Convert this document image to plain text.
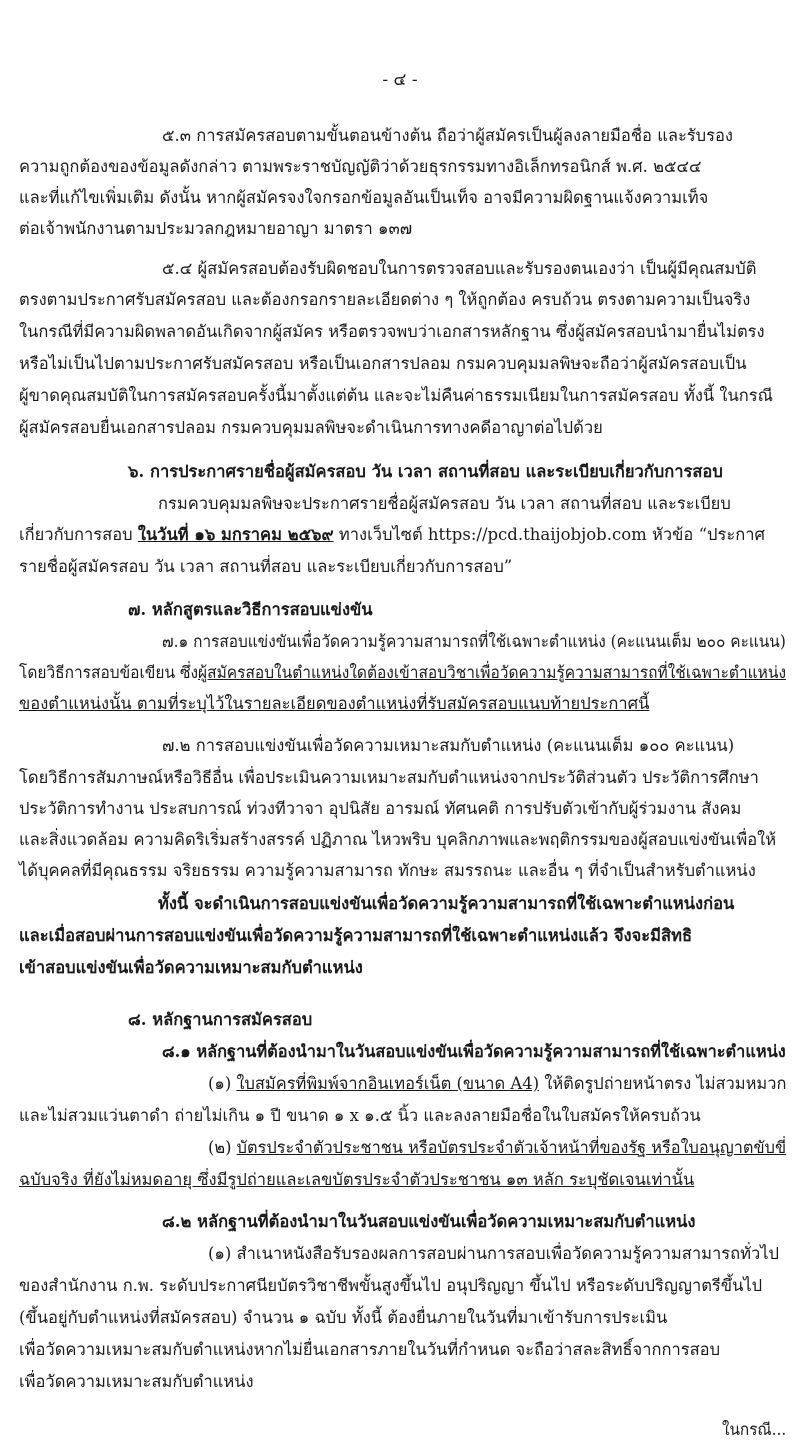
- ๔ -
๕.๓ การสมัครสอบตามขั้นตอนข้างต้น ถือว่าผู้สมัครเป็นผู้ลงลายมือชื่อ และรับรอง
ความถูกต้องของข้อมูลดังกล่าว ตามพระราชบัญญัติว่าด้วยธุรกรรมทางอิเล็กทรอนิกส์ พ.ศ. ๒๕๔๔
และที่แก้ไขเพิ่มเติม ดังนั้น หากผู้สมัครจงใจกรอกข้อมูลอันเป็นเท็จ อาจมีความผิดฐานแจ้งความเท็จ
ต่อเจ้าพนักงานตามประมวลกฎหมายอาญา มาตรา ๑๓๗
๕.๔ ผู้สมัครสอบต้องรับผิดชอบในการตรวจสอบและรับรองตนเองว่า เป็นผู้มีคุณสมบัติ
ตรงตามประกาศรับสมัครสอบ และต้องกรอกรายละเอียดต่าง ๆ ให้ถูกต้อง ครบถ้วน ตรงตามความเป็นจริง
ในกรณีที่มีความผิดพลาดอันเกิดจากผู้สมัคร หรือตรวจพบว่าเอกสารหลักฐาน ซึ่งผู้สมัครสอบนำมายื่นไม่ตรง
หรือไม่เป็นไปตามประกาศรับสมัครสอบ หรือเป็นเอกสารปลอม กรมควบคุมมลพิษจะถือว่าผู้สมัครสอบเป็น
ผู้ขาดคุณสมบัติในการสมัครสอบครั้งนี้มาตั้งแต่ต้น และจะไม่คืนค่าธรรมเนียมในการสมัครสอบ ทั้งนี้ ในกรณี
ผู้สมัครสอบยื่นเอกสารปลอม กรมควบคุมมลพิษจะดำเนินการทางคดีอาญาต่อไปด้วย
๖. การประกาศรายชื่อผู้สมัครสอบ วัน เวลา สถานที่สอบ และระเบียบเกี่ยวกับการสอบ
กรมควบคุมมลพิษจะประกาศรายชื่อผู้สมัครสอบ วัน เวลา สถานที่สอบ และระเบียบ
เกี่ยวกับการสอบ ในวันที่ ๑๖ มกราคม ๒๕๖๙ ทางเว็บไซต์ https://pcd.thaijobjob.com หัวข้อ “ประกาศ
รายชื่อผู้สมัครสอบ วัน เวลา สถานที่สอบ และระเบียบเกี่ยวกับการสอบ”
๗. หลักสูตรและวิธีการสอบแข่งขัน
๗.๑ การสอบแข่งขันเพื่อวัดความรู้ความสามารถที่ใช้เฉพาะตำแหน่ง (คะแนนเต็ม ๒๐๐ คะแนน)
โดยวิธีการสอบข้อเขียน ซึ่งผู้สมัครสอบในตำแหน่งใดต้องเข้าสอบวิชาเพื่อวัดความรู้ความสามารถที่ใช้เฉพาะตำแหน่ง
ของตำแหน่งนั้น ตามที่ระบุไว้ในรายละเอียดของตำแหน่งที่รับสมัครสอบแนบท้ายประกาศนี้
๗.๒ การสอบแข่งขันเพื่อวัดความเหมาะสมกับตำแหน่ง (คะแนนเต็ม ๑๐๐ คะแนน)
โดยวิธีการสัมภาษณ์หรือวิธีอื่น เพื่อประเมินความเหมาะสมกับตำแหน่งจากประวัติส่วนตัว ประวัติการศึกษา
ประวัติการทำงาน ประสบการณ์ ท่วงทีวาจา อุปนิสัย อารมณ์ ทัศนคติ การปรับตัวเข้ากับผู้ร่วมงาน สังคม
และสิ่งแวดล้อม ความคิดริเริ่มสร้างสรรค์ ปฏิภาณ ไหวพริบ บุคลิกภาพและพฤติกรรมของผู้สอบแข่งขันเพื่อให้
ได้บุคคลที่มีคุณธรรม จริยธรรม ความรู้ความสามารถ ทักษะ สมรรถนะ และอื่น ๆ ที่จำเป็นสำหรับตำแหน่ง
ทั้งนี้ จะดำเนินการสอบแข่งขันเพื่อวัดความรู้ความสามารถที่ใช้เฉพาะตำแหน่งก่อน
และเมื่อสอบผ่านการสอบแข่งขันเพื่อวัดความรู้ความสามารถที่ใช้เฉพาะตำแหน่งแล้ว จึงจะมีสิทธิ
เข้าสอบแข่งขันเพื่อวัดความเหมาะสมกับตำแหน่ง
๘. หลักฐานการสมัครสอบ
๘.๑ หลักฐานที่ต้องนำมาในวันสอบแข่งขันเพื่อวัดความรู้ความสามารถที่ใช้เฉพาะตำแหน่ง
(๑) ใบสมัครที่พิมพ์จากอินเทอร์เน็ต (ขนาด A4) ให้ติดรูปถ่ายหน้าตรง ไม่สวมหมวก
และไม่สวมแว่นตาดำ ถ่ายไม่เกิน ๑ ปี ขนาด ๑ x ๑.๕ นิ้ว และลงลายมือชื่อในใบสมัครให้ครบถ้วน
(๒) บัตรประจำตัวประชาชน หรือบัตรประจำตัวเจ้าหน้าที่ของรัฐ หรือใบอนุญาตขับขี่
ฉบับจริง ที่ยังไม่หมดอายุ ซึ่งมีรูปถ่ายและเลขบัตรประจำตัวประชาชน ๑๓ หลัก ระบุชัดเจนเท่านั้น
๘.๒ หลักฐานที่ต้องนำมาในวันสอบแข่งขันเพื่อวัดความเหมาะสมกับตำแหน่ง
(๑) สำเนาหนังสือรับรองผลการสอบผ่านการสอบเพื่อวัดความรู้ความสามารถทั่วไป
ของสำนักงาน ก.พ. ระดับประกาศนียบัตรวิชาชีพขั้นสูงขึ้นไป อนุปริญญา ขึ้นไป หรือระดับปริญญาตรีขึ้นไป
(ขึ้นอยู่กับตำแหน่งที่สมัครสอบ) จำนวน ๑ ฉบับ ทั้งนี้ ต้องยื่นภายในวันที่มาเข้ารับการประเมิน
เพื่อวัดความเหมาะสมกับตำแหน่งหากไม่ยื่นเอกสารภายในวันที่กำหนด จะถือว่าสละสิทธิ์จากการสอบ
เพื่อวัดความเหมาะสมกับตำแหน่ง
ในกรณี...
